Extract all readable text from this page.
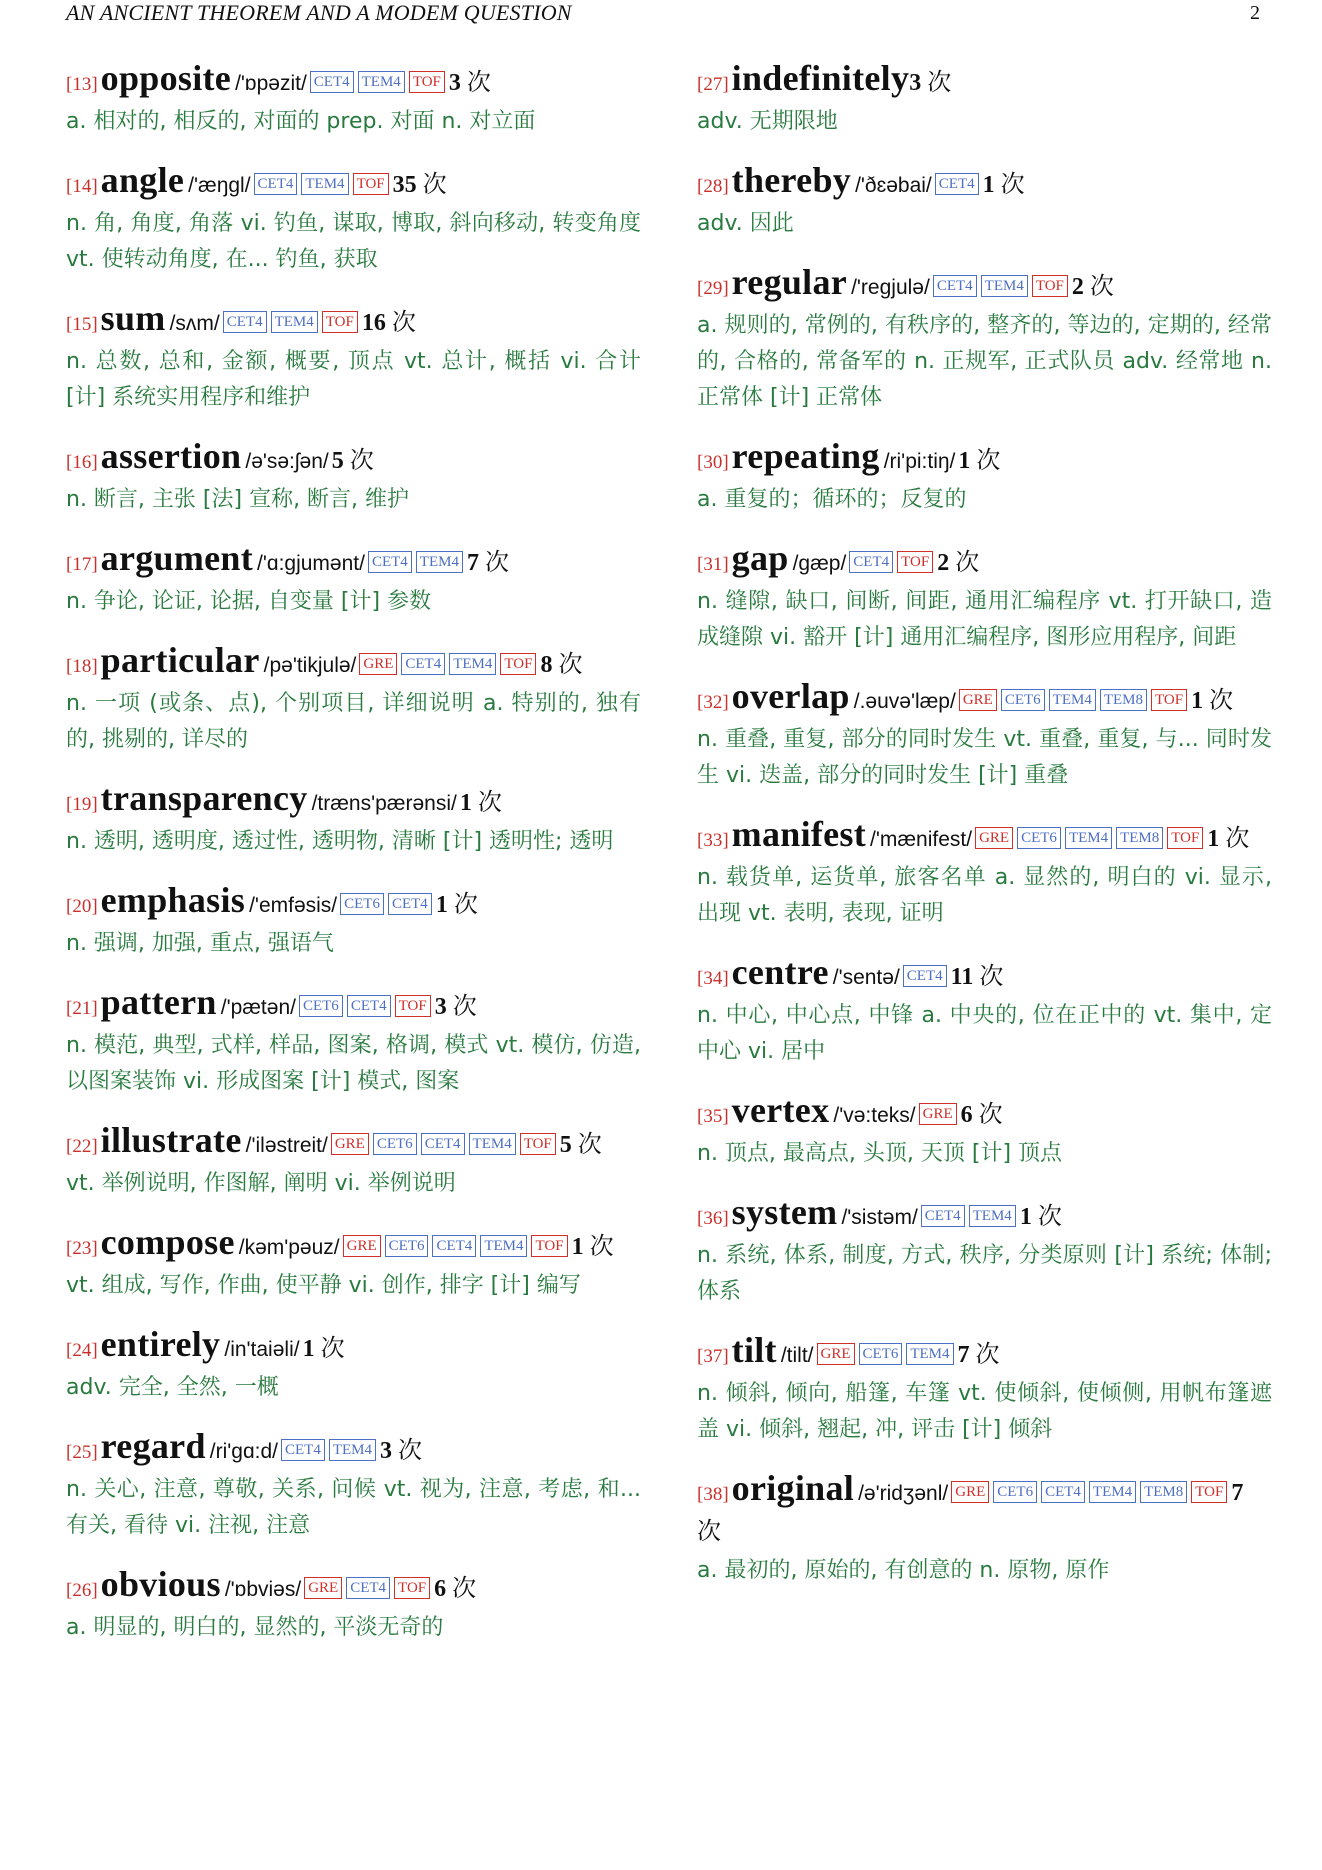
AN ANCIENT THEOREM AND A MODEM QUESTION	2
[13]opposite /'ɒpəzit/ CET4 TEM4 TOF 3 次
a. 相对的, 相反的, 对面的 prep. 对面 n. 对立面
[14]angle /'æŋgl/ CET4 TEM4 TOF 35 次
n. 角, 角度, 角落 vi. 钓鱼, 谋取, 博取, 斜向移动, 转变角度 vt. 使转动角度, 在... 钓鱼, 获取
[15]sum /sʌm/ CET4 TEM4 TOF 16 次
n. 总数, 总和, 金额, 概要, 顶点 vt. 总计, 概括 vi. 合计 [计] 系统实用程序和维护
[16]assertion /ə'sə:ʃən/ 5 次
n. 断言, 主张 [法] 宣称, 断言, 维护
[17]argument /'ɑ:gjumənt/ CET4 TEM4 7 次
n. 争论, 论证, 论据, 自变量 [计] 参数
[18]particular /pə'tikjulə/ GRE CET4 TEM4 TOF 8 次
n. 一项 (或条、点), 个别项目, 详细说明 a. 特别的, 独有的, 挑剔的, 详尽的
[19]transparency /træns'pærənsi/ 1 次
n. 透明, 透明度, 透过性, 透明物, 清晰 [计] 透明性; 透明
[20]emphasis /'emfəsis/ CET6 CET4 1 次
n. 强调, 加强, 重点, 强语气
[21]pattern /'pætən/ CET6 CET4 TOF 3 次
n. 模范, 典型, 式样, 样品, 图案, 格调, 模式 vt. 模仿, 仿造, 以图案装饰 vi. 形成图案 [计] 模式, 图案
[22]illustrate /'iləstreit/ GRE CET6 CET4 TEM4 TOF 5 次
vt. 举例说明, 作图解, 阐明 vi. 举例说明
[23]compose /kəm'pəuz/ GRE CET6 CET4 TEM4 TOF 1 次
vt. 组成, 写作, 作曲, 使平静 vi. 创作, 排字 [计] 编写
[24]entirely /in'taiəli/ 1 次
adv. 完全, 全然, 一概
[25]regard /ri'gɑ:d/ CET4 TEM4 3 次
n. 关心, 注意, 尊敬, 关系, 问候 vt. 视为, 注意, 考虑, 和... 有关, 看待 vi. 注视, 注意
[26]obvious /'ɒbviəs/ GRE CET4 TOF 6 次
a. 明显的, 明白的, 显然的, 平淡无奇的
[27]indefinitely3 次
adv. 无期限地
[28]thereby /'ðɛəbai/ CET4 1 次
adv. 因此
[29]regular /'regjulə/ CET4 TEM4 TOF 2 次
a. 规则的, 常例的, 有秩序的, 整齐的, 等边的, 定期的, 经常的, 合格的, 常备军的 n. 正规军, 正式队员 adv. 经常地 n. 正常体 [计] 正常体
[30]repeating /ri'pi:tiŋ/ 1 次
a. 重复的；循环的；反复的
[31]gap /gæp/ CET4 TOF 2 次
n. 缝隙, 缺口, 间断, 间距, 通用汇编程序 vt. 打开缺口, 造成缝隙 vi. 豁开 [计] 通用汇编程序, 图形应用程序, 间距
[32]overlap /.əuvə'læp/ GRE CET6 TEM4 TEM8 TOF 1 次
n. 重叠, 重复, 部分的同时发生 vt. 重叠, 重复, 与... 同时发生 vi. 迭盖, 部分的同时发生 [计] 重叠
[33]manifest /'mænifest/ GRE CET6 TEM4 TEM8 TOF 1 次
n. 载货单, 运货单, 旅客名单 a. 显然的, 明白的 vi. 显示, 出现 vt. 表明, 表现, 证明
[34]centre /'sentə/ CET4 11 次
n. 中心, 中心点, 中锋 a. 中央的, 位在正中的 vt. 集中, 定中心 vi. 居中
[35]vertex /'və:teks/ GRE 6 次
n. 顶点, 最高点, 头顶, 天顶 [计] 顶点
[36]system /'sistəm/ CET4 TEM4 1 次
n. 系统, 体系, 制度, 方式, 秩序, 分类原则 [计] 系统; 体制; 体系
[37]tilt /tilt/ GRE CET6 TEM4 7 次
n. 倾斜, 倾向, 船篷, 车篷 vt. 使倾斜, 使倾侧, 用帆布篷遮盖 vi. 倾斜, 翘起, 冲, 评击 [计] 倾斜
[38]original /ə'ridʒənl/ GRE CET6 CET4 TEM4 TEM8 TOF 7 次
a. 最初的, 原始的, 有创意的 n. 原物, 原作
